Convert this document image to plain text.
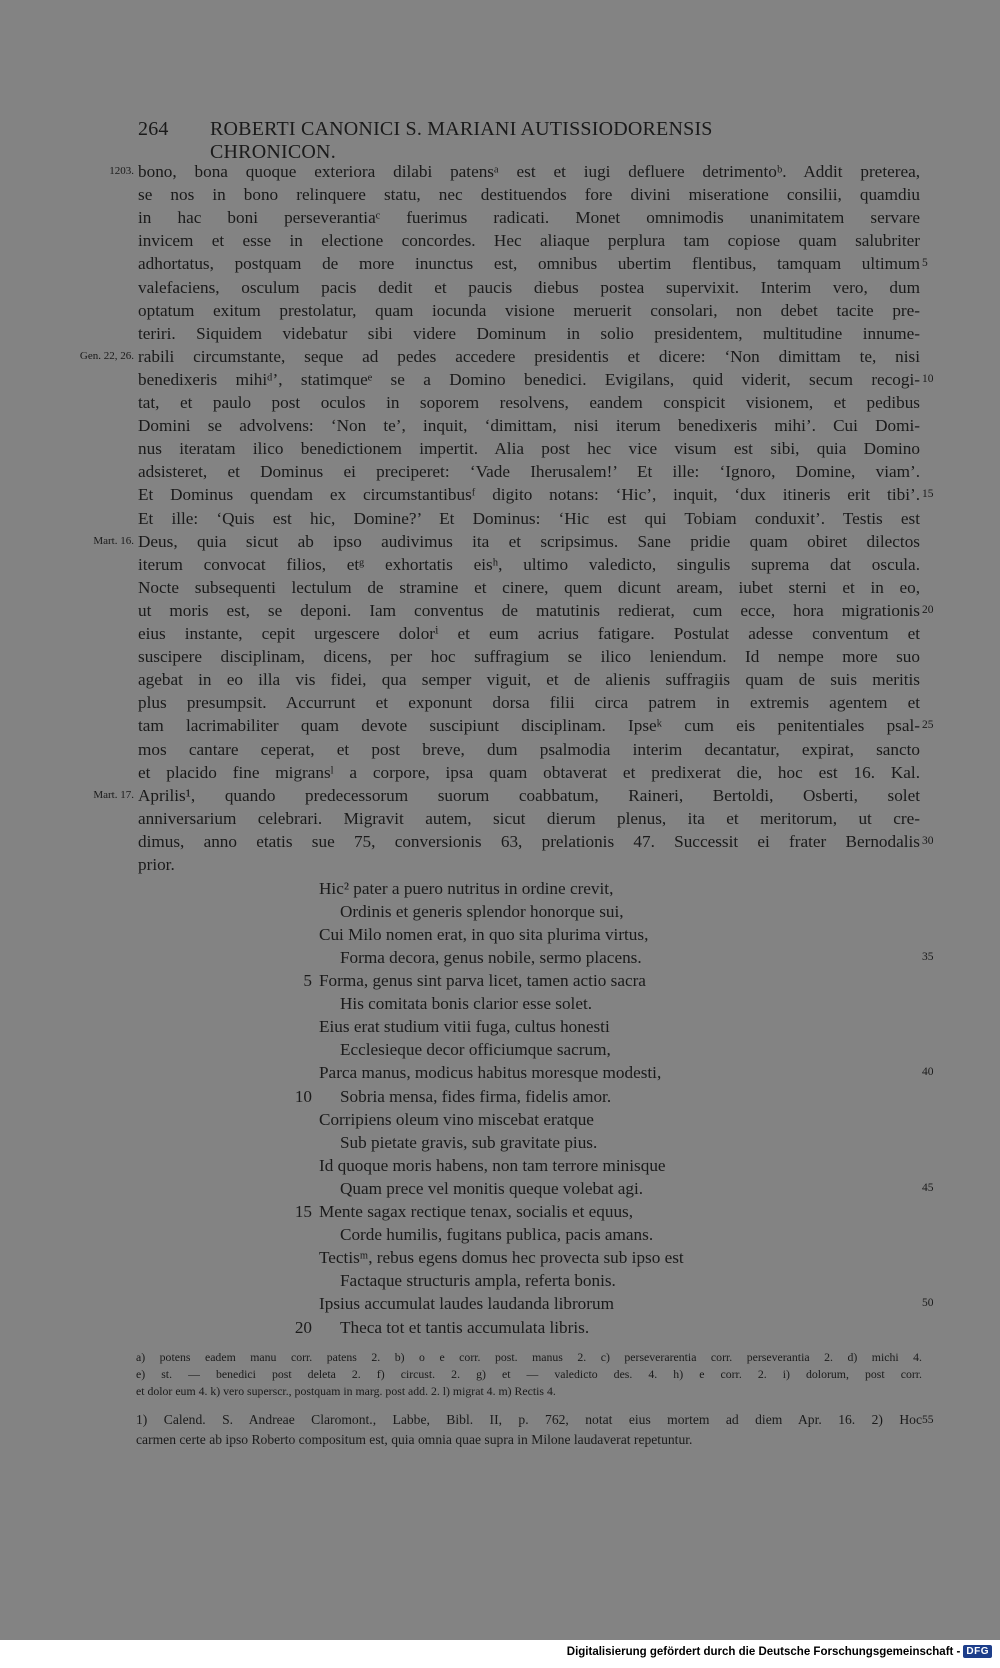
264	ROBERTI CANONICI S. MARIANI AUTISSIODORENSIS CHRONICON.
bono, bona quoque exteriora dilabi patensᵃ est et iugi defluere detrimentoᵇ. Addit preterea,
1203.
se nos in bono relinquere statu, nec destituendos fore divini miseratione consilii, quamdiu
in hac boni perseverantiaᶜ fuerimus radicati. Monet omnimodis unanimitatem servare
invicem et esse in electione concordes. Hec aliaque perplura tam copiose quam salubriter
adhortatus, postquam de more inunctus est, omnibus ubertim flentibus, tamquam ultimum 5
valefaciens, osculum pacis dedit et paucis diebus postea supervixit. Interim vero, dum
optatum exitum prestolatur, quam iocunda visione meruerit consolari, non debet tacite pre-
teriri. Siquidem videbatur sibi videre Dominum in solio presidentem, multitudine innume-
rabili circumstante, seque ad pedes accedere presidentis et dicere: ‘Non dimittam te, nisi
Gen. 22, 26.
benedixeris mihiᵈ’, statimqueᵉ se a Domino benedici. Evigilans, quid viderit, secum recogi- 10
tat, et paulo post oculos in soporem resolvens, eandem conspicit visionem, et pedibus
Domini se advolvens: ‘Non te’, inquit, ‘dimittam, nisi iterum benedixeris mihi’. Cui Domi-
nus iteratam ilico benedictionem impertit. Alia post hec vice visum est sibi, quia Domino
adsisteret, et Dominus ei preciperet: ‘Vade Iherusalem!’ Et ille: ‘Ignoro, Domine, viam’.
Et Dominus quendam ex circumstantibusᶠ digito notans: ‘Hic’, inquit, ‘dux itineris erit tibi’. 15
Et ille: ‘Quis est hic, Domine?’ Et Dominus: ‘Hic est qui Tobiam conduxit’. Testis est
Deus, quia sicut ab ipso audivimus ita et scripsimus. Sane pridie quam obiret dilectos
Mart. 16.
iterum convocat filios, etᵍ exhortatis eisʰ, ultimo valedicto, singulis suprema dat oscula.
Nocte subsequenti lectulum de stramine et cinere, quem dicunt aream, iubet sterni et in eo,
ut moris est, se deponi. Iam conventus de matutinis redierat, cum ecce, hora migrationis 20
eius instante, cepit urgescere dolorⁱ et eum acrius fatigare. Postulat adesse conventum et
suscipere disciplinam, dicens, per hoc suffragium se ilico leniendum. Id nempe more suo
agebat in eo illa vis fidei, qua semper viguit, et de alienis suffragiis quam de suis meritis
plus presumpsit. Accurrunt et exponunt dorsa filii circa patrem in extremis agentem et
tam lacrimabiliter quam devote suscipiunt disciplinam. Ipseᵏ cum eis penitentiales psal- 25
mos cantare ceperat, et post breve, dum psalmodia interim decantatur, expirat, sancto
et placido fine migransˡ a corpore, ipsa quam obtaverat et predixerat die, hoc est 16. Kal.
Aprilis¹, quando predecessorum suorum coabbatum, Raineri, Bertoldi, Osberti, solet
Mart. 17.
anniversarium celebrari. Migravit autem, sicut dierum plenus, ita et meritorum, ut cre-
dimus, anno etatis sue 75, conversionis 63, prelationis 47. Successit ei frater Bernodalis 30
prior.
Hic² pater a puero nutritus in ordine crevit,
Ordinis et generis splendor honorque sui,
Cui Milo nomen erat, in quo sita plurima virtus,
Forma decora, genus nobile, sermo placens.	35
Forma, genus sint parva licet, tamen actio sacra
5
His comitata bonis clarior esse solet.
Eius erat studium vitii fuga, cultus honesti
Ecclesieque decor officiumque sacrum,
Parca manus, modicus habitus moresque modesti,	40
Sobria mensa, fides firma, fidelis amor.
10
Corripiens oleum vino miscebat eratque
Sub pietate gravis, sub gravitate pius.
Id quoque moris habens, non tam terrore minisque
Quam prece vel monitis queque volebat agi.	45
Mente sagax rectique tenax, socialis et equus,
15
Corde humilis, fugitans publica, pacis amans.
Tectisᵐ, rebus egens domus hec provecta sub ipso est
Factaque structuris ampla, referta bonis.
Ipsius accumulat laudes laudanda librorum	50
Theca tot et tantis accumulata libris.
20
a) potens eadem manu corr. patens 2. b) o e corr. post. manus 2. c) perseverarentia corr. perseverantia 2. d) michi 4.
e) st. — benedici post deleta 2. f) circust. 2. g) et — valedicto des. 4. h) e corr. 2. i) dolorum, post corr.
et dolor eum 4. k) vero superscr., postquam in marg. post add. 2. l) migrat 4. m) Rectis 4.
1) Calend. S. Andreae Claromont., Labbe, Bibl. II, p. 762, notat eius mortem ad diem Apr. 16. 2) Hoc 55
carmen certe ab ipso Roberto compositum est, quia omnia quae supra in Milone laudaverat repetuntur.
Digitalisierung gefördert durch die Deutsche Forschungsgemeinschaft - DFG
